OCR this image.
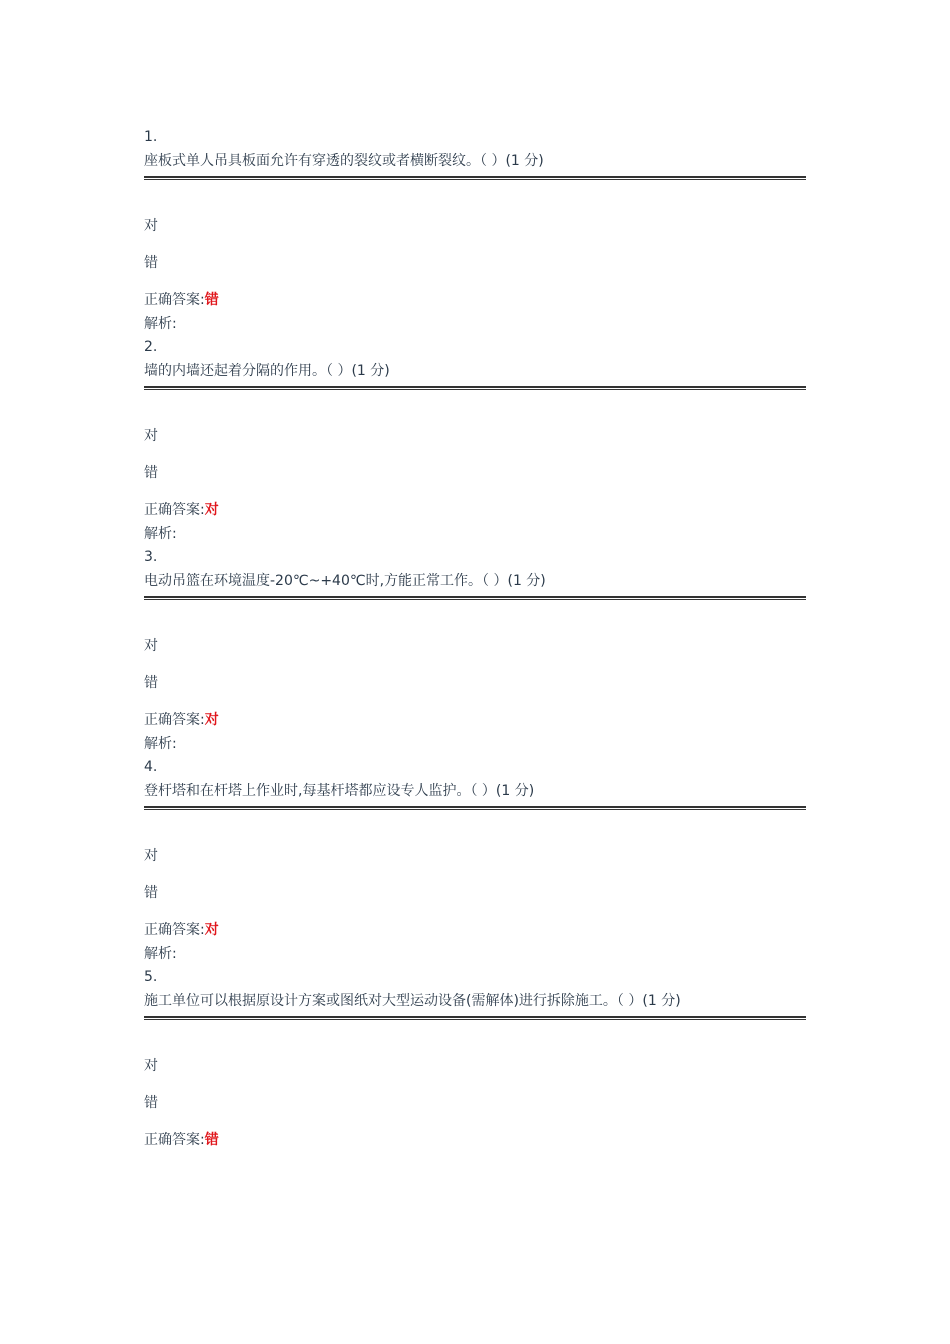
1.
座板式单人吊具板面允许有穿透的裂纹或者横断裂纹。（ ）(1 分)
对
错
正确答案:错
解析:
2.
墙的内墙还起着分隔的作用。（ ）(1 分)
对
错
正确答案:对
解析:
3.
电动吊篮在环境温度-20℃~+40℃时,方能正常工作。（ ）(1 分)
对
错
正确答案:对
解析:
4.
登杆塔和在杆塔上作业时,每基杆塔都应设专人监护。（ ）(1 分)
对
错
正确答案:对
解析:
5.
施工单位可以根据原设计方案或图纸对大型运动设备(需解体)进行拆除施工。（ ）(1 分)
对
错
正确答案:错
